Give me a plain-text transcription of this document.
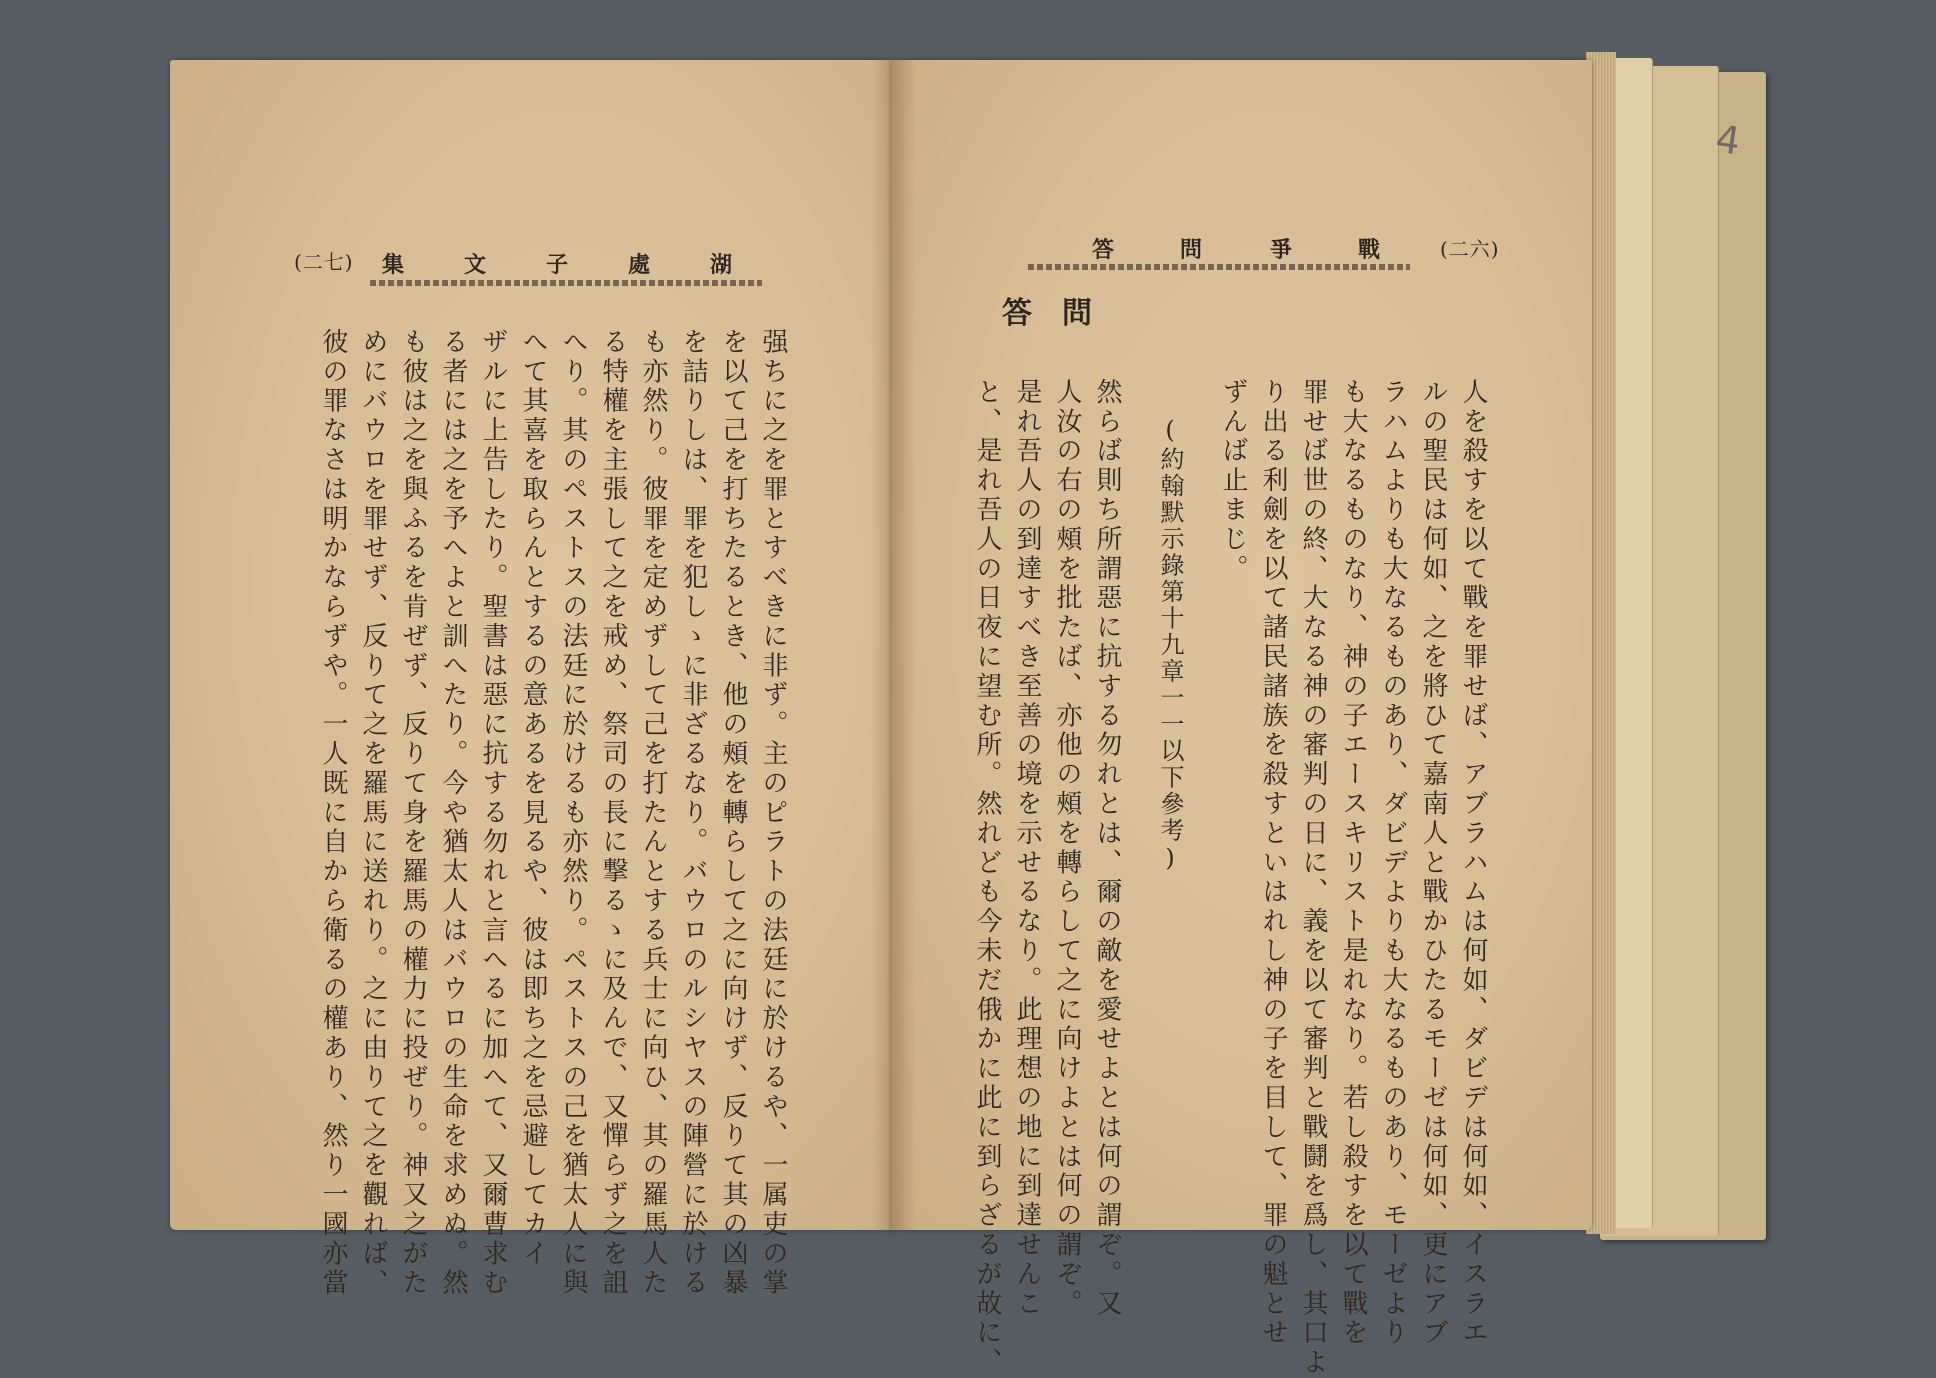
4
(二七)	湖
處
子
文
集
强ちに之を罪とすべきに非ず。主のピラトの法廷に於けるや、一属吏の掌
を以て己を打ちたるとき、他の頰を轉らして之に向けず、反りて其の凶暴
を詰りしは、罪を犯しゝに非ざるなり。バウロのルシヤスの陣營に於ける
も亦然り。彼罪を定めずして己を打たんとする兵士に向ひ、其の羅馬人た
る特權を主張して之を戒め、祭司の長に撃るゝに及んで、又憚らず之を詛
へり。其のペストスの法廷に於けるも亦然り。ペストスの己を猶太人に與
へて其喜を取らんとするの意あるを見るや、彼は即ち之を忌避してカイ
ザルに上告したり。聖書は惡に抗する勿れと言へるに加へて、又爾曹求む
る者には之を予へよと訓へたり。今や猶太人はバウロの生命を求めぬ。然
も彼は之を與ふるを肯ぜず、反りて身を羅馬の權力に投ぜり。神又之がた
めにバウロを罪せず、反りて之を羅馬に送れり。之に由りて之を觀れば、
彼の罪なさは明かならずや。一人既に自から衛るの權あり、然り一國亦當
答	問	爭	戰	(二六)
答 問
人を殺すを以て戰を罪せば、アブラハムは何如、ダビデは何如、イスラエ
ルの聖民は何如、之を將ひて嘉南人と戰かひたるモーゼは何如、更にアブ
ラハムよりも大なるものあり、ダビデよりも大なるものあり、モーゼより
も大なるものなり、神の子エースキリスト是れなり。若し殺すを以て戰を
罪せば世の終、大なる神の審判の日に、義を以て審判と戰鬪を爲し、其口よ
り出る利劍を以て諸民諸族を殺すといはれし神の子を目して、罪の魁とせ
ずんば止まじ。
(約翰默示錄第十九章一一以下參考)
然らば則ち所謂惡に抗する勿れとは、爾の敵を愛せよとは何の謂ぞ。又
人汝の右の頰を批たば、亦他の頰を轉らして之に向けよとは何の謂ぞ。
是れ吾人の到達すべき至善の境を示せるなり。此理想の地に到達せんこ
と、是れ吾人の日夜に望む所。然れども今未だ俄かに此に到らざるが故に、
